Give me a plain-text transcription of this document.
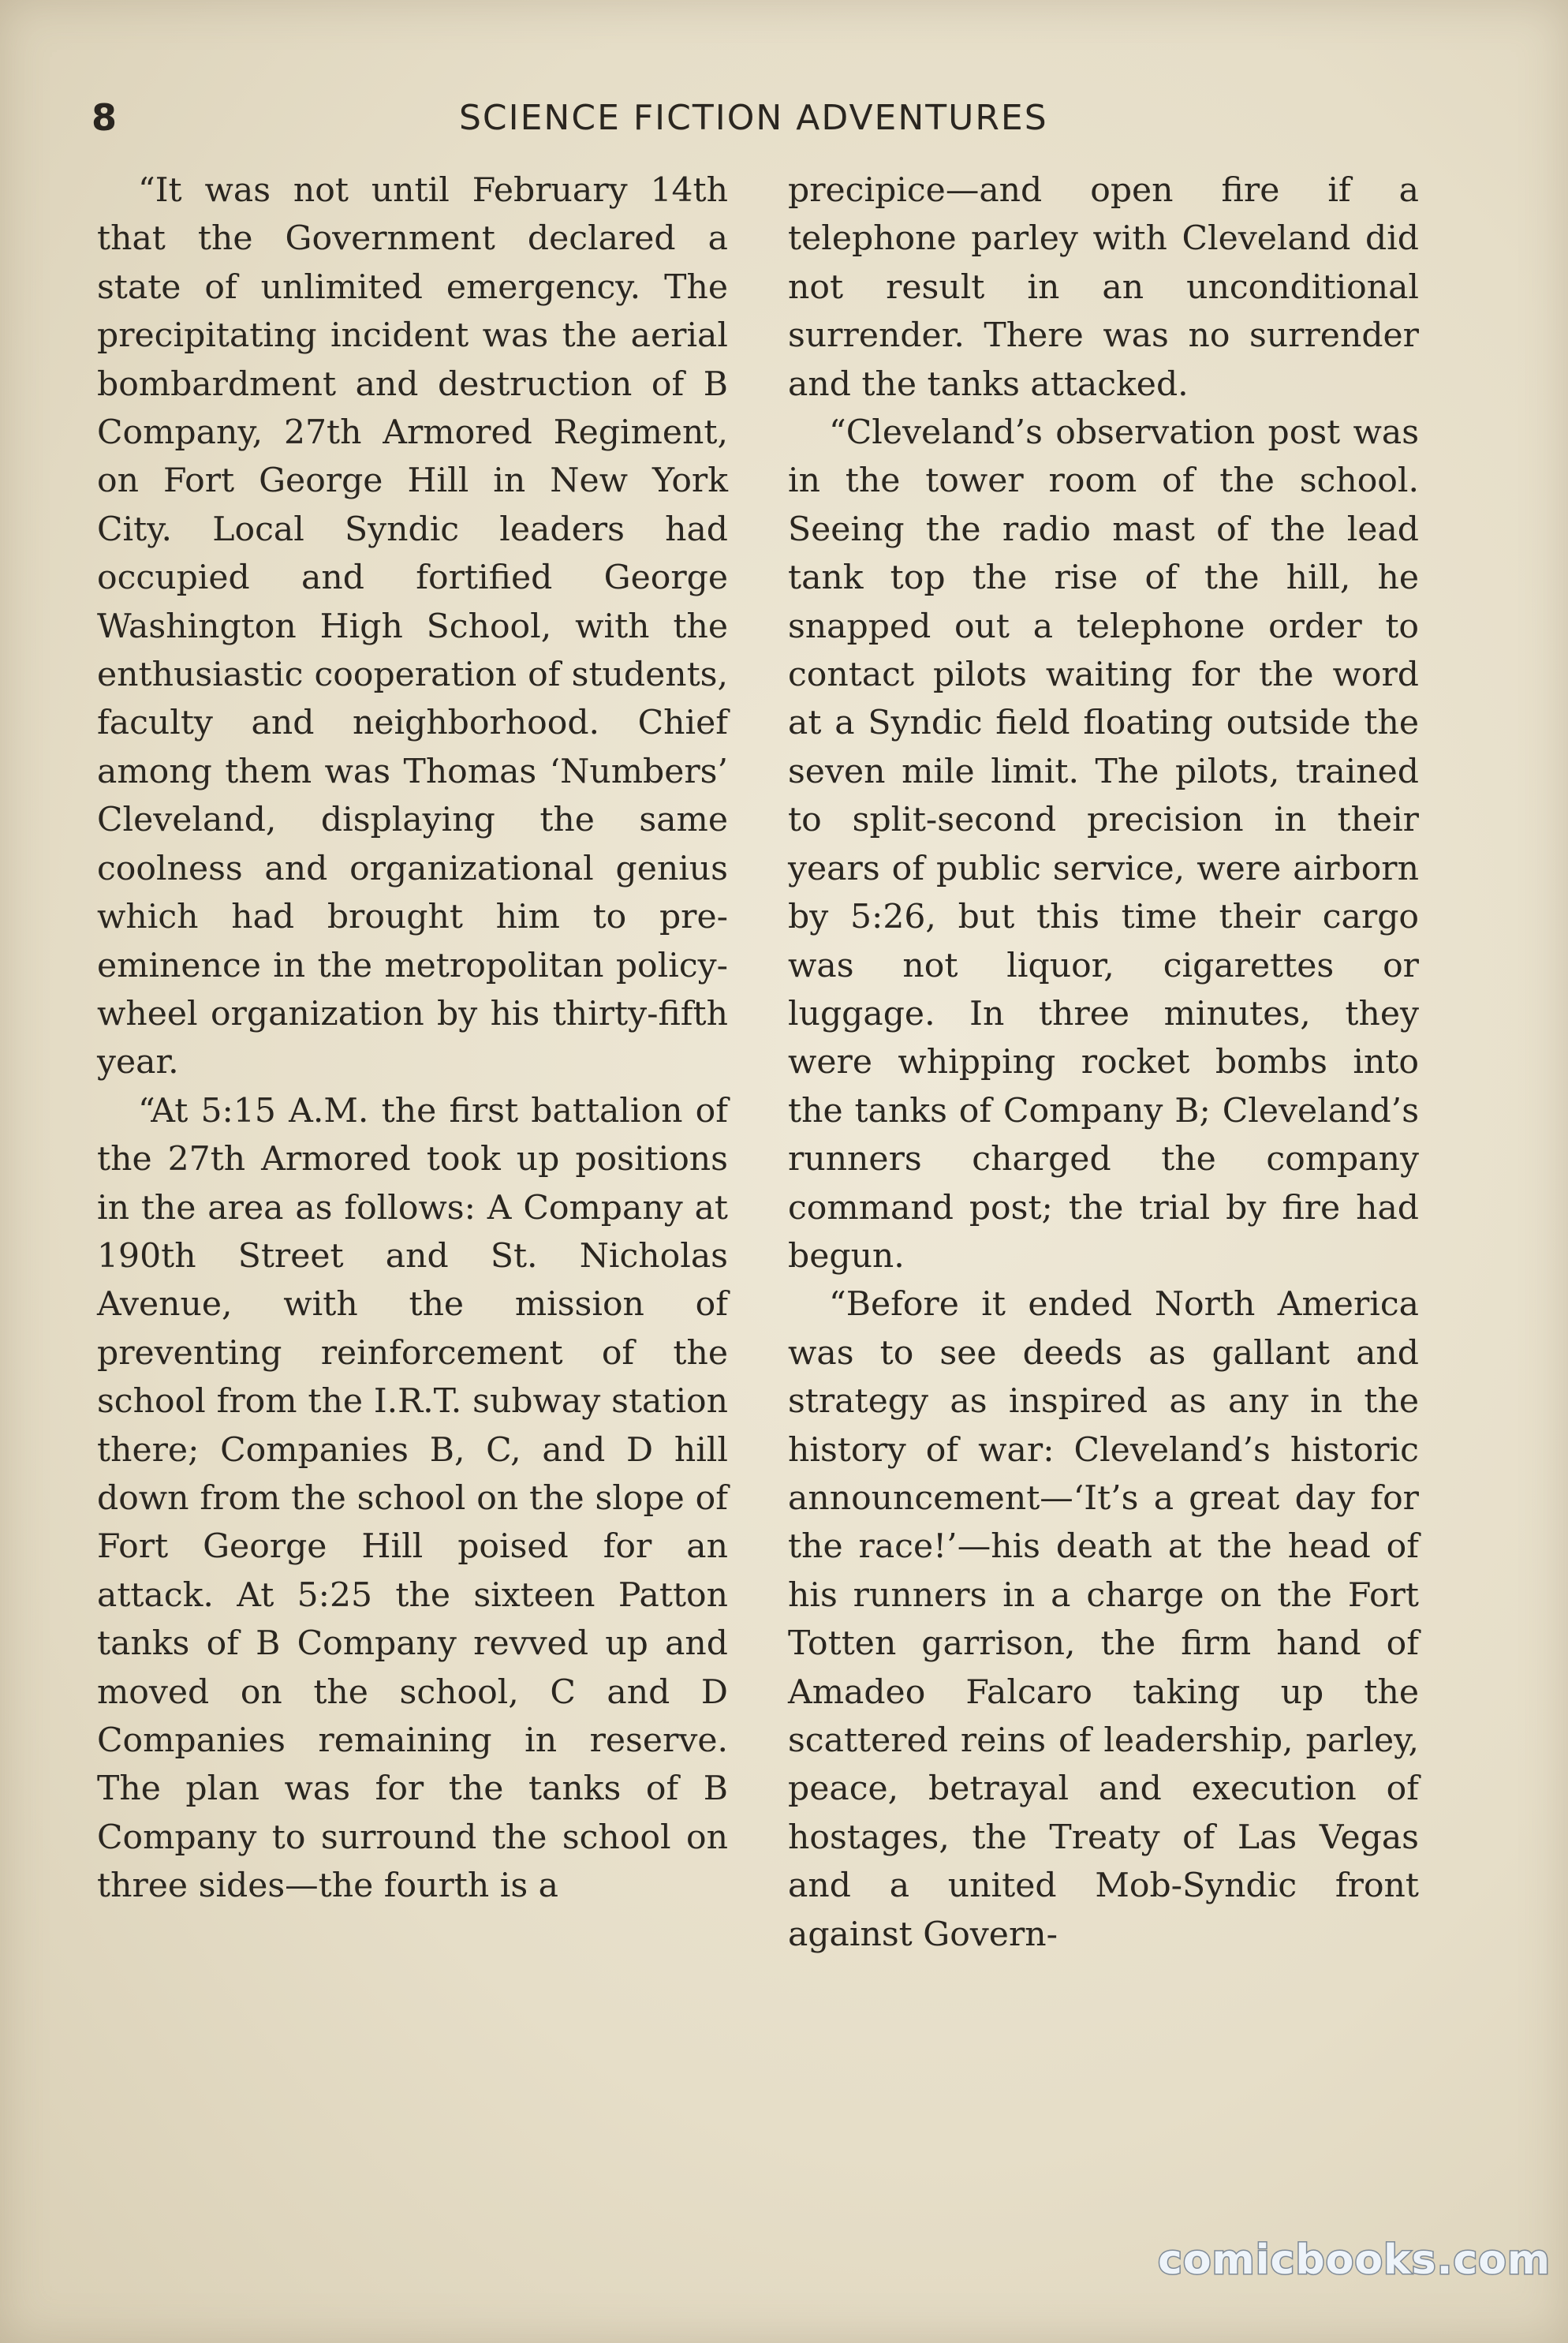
8	SCIENCE FICTION ADVENTURES

“It was not until February 14th that the Government declared a state of unlimited emergency. The precipitating incident was the aerial bombardment and destruction of B Company, 27th Armored Regiment, on Fort George Hill in New York City. Local Syndic leaders had occupied and fortified George Washington High School, with the enthusiastic cooperation of students, faculty and neighborhood. Chief among them was Thomas ‘Numbers’ Cleveland, displaying the same coolness and organizational genius which had brought him to pre-eminence in the metropolitan policy-wheel organization by his thirty-fifth year.

“At 5:15 A.M. the first battalion of the 27th Armored took up positions in the area as follows: A Company at 190th Street and St. Nicholas Avenue, with the mission of preventing reinforcement of the school from the I.R.T. subway station there; Companies B, C, and D hill down from the school on the slope of Fort George Hill poised for an attack. At 5:25 the sixteen Patton tanks of B Company revved up and moved on the school, C and D Companies remaining in reserve. The plan was for the tanks of B Company to surround the school on three sides—the fourth is a

precipice—and open fire if a telephone parley with Cleveland did not result in an unconditional surrender. There was no surrender and the tanks attacked.

“Cleveland’s observation post was in the tower room of the school. Seeing the radio mast of the lead tank top the rise of the hill, he snapped out a telephone order to contact pilots waiting for the word at a Syndic field floating outside the seven mile limit. The pilots, trained to split-second precision in their years of public service, were airborn by 5:26, but this time their cargo was not liquor, cigarettes or luggage. In three minutes, they were whipping rocket bombs into the tanks of Company B; Cleveland’s runners charged the company command post; the trial by fire had begun.

“Before it ended North America was to see deeds as gallant and strategy as inspired as any in the history of war: Cleveland’s historic announcement—‘It’s a great day for the race!’—his death at the head of his runners in a charge on the Fort Totten garrison, the firm hand of Amadeo Falcaro taking up the scattered reins of leadership, parley, peace, betrayal and execution of hostages, the Treaty of Las Vegas and a united Mob-Syndic front against Govern-

comicbooks.com
